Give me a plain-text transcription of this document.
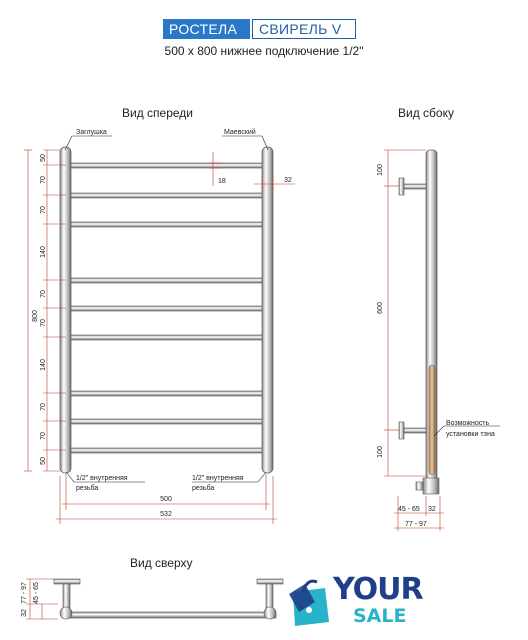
РОСТЕЛА	СВИРЕЛЬ V
500 x 800 нижнее подключение 1/2"
Вид спереди	Вид сбоку
Вид сверху
Заглушка	Маевский
1/2" внутренняя
резьба
1/2" внутренняя
резьба
18	32
800
50
70
70
140
70
70
140
70
70
50
500
532
Возможность
установки тэна
100
600
100
45 - 65 32
77 - 97
77 - 97
32
45 - 65	YOUR
SALE
